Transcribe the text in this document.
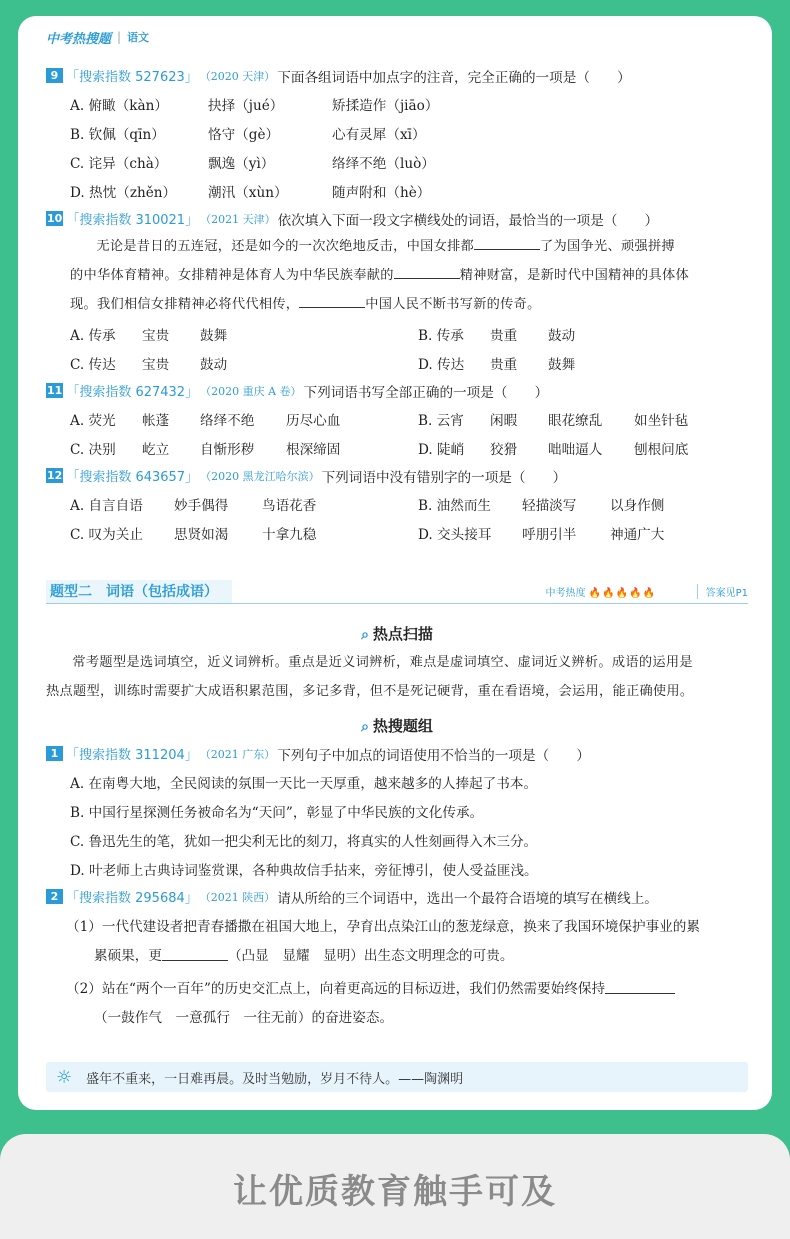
中考热搜题 | 语文
9 「搜索指数 527623」 （2020 天津） 下面各组词语中加点字的注音，完全正确的一项是（　　）
A. 俯瞰（kàn）	抉择（jué）	矫揉造作（jiāo）
B. 钦佩（qīn）	恪守（gè）	心有灵犀（xī）
C. 诧异（chà）	飘逸（yì）	络绎不绝（luò）
D. 热忱（zhěn）	潮汛（xùn）	随声附和（hè）
10 「搜索指数 310021」 （2021 天津） 依次填入下面一段文字横线处的词语，最恰当的一项是（　　）
无论是昔日的五连冠，还是如今的一次次绝地反击，中国女排都	了为国争光、顽强拼搏
的中华体育精神。女排精神是体育人为中华民族奉献的	精神财富，是新时代中国精神的具体体
现。我们相信女排精神必将代代相传，	中国人民不断书写新的传奇。
A. 传承	宝贵	鼓舞	B. 传承	贵重	鼓动
C. 传达	宝贵	鼓动	D. 传达	贵重	鼓舞
11 「搜索指数 627432」 （2020 重庆 A 卷） 下列词语书写全部正确的一项是（　　）
A. 荧光	帐蓬	络绎不绝	历尽心血	B. 云宵	闲暇	眼花缭乱	如坐针毡
C. 决别	屹立	自惭形秽	根深缔固	D. 陡峭	狡猾	咄咄逼人	刨根问底
12 「搜索指数 643657」 （2020 黑龙江哈尔滨） 下列词语中没有错别字的一项是（　　）
A. 自言自语	妙手偶得	鸟语花香	B. 油然而生	轻描淡写	以身作侧
C. 叹为关止	思贤如渴	十拿九稳	D. 交头接耳	呼朋引半	神通广大
题型二　词语（包括成语）	中考热度 🔥🔥🔥🔥🔥	答案见P1
⌕ 热点扫描
常考题型是选词填空，近义词辨析。重点是近义词辨析，难点是虚词填空、虚词近义辨析。成语的运用是
热点题型，训练时需要扩大成语积累范围，多记多背，但不是死记硬背，重在看语境，会运用，能正确使用。
⌕ 热搜题组
1 「搜索指数 311204」 （2021 广东） 下列句子中加点的词语使用不恰当的一项是（　　）
A. 在南粤大地，全民阅读的氛围一天比一天厚重，越来越多的人捧起了书本。
B. 中国行星探测任务被命名为“天问”，彰显了中华民族的文化传承。
C. 鲁迅先生的笔，犹如一把尖利无比的刻刀，将真实的人性刻画得入木三分。
D. 叶老师上古典诗词鉴赏课，各种典故信手拈来，旁征博引，使人受益匪浅。
2 「搜索指数 295684」 （2021 陕西） 请从所给的三个词语中，选出一个最符合语境的填写在横线上。
（1）一代代建设者把青春播撒在祖国大地上，孕育出点染江山的葱茏绿意，换来了我国环境保护事业的累
累硕果，更	（凸显　显耀　显明）出生态文明理念的可贵。
（2）站在“两个一百年”的历史交汇点上，向着更高远的目标迈进，我们仍然需要始终保持
（一鼓作气　一意孤行　一往无前）的奋进姿态。
☼ 盛年不重来，一日难再晨。及时当勉励，岁月不待人。——陶渊明
让优质教育触手可及
